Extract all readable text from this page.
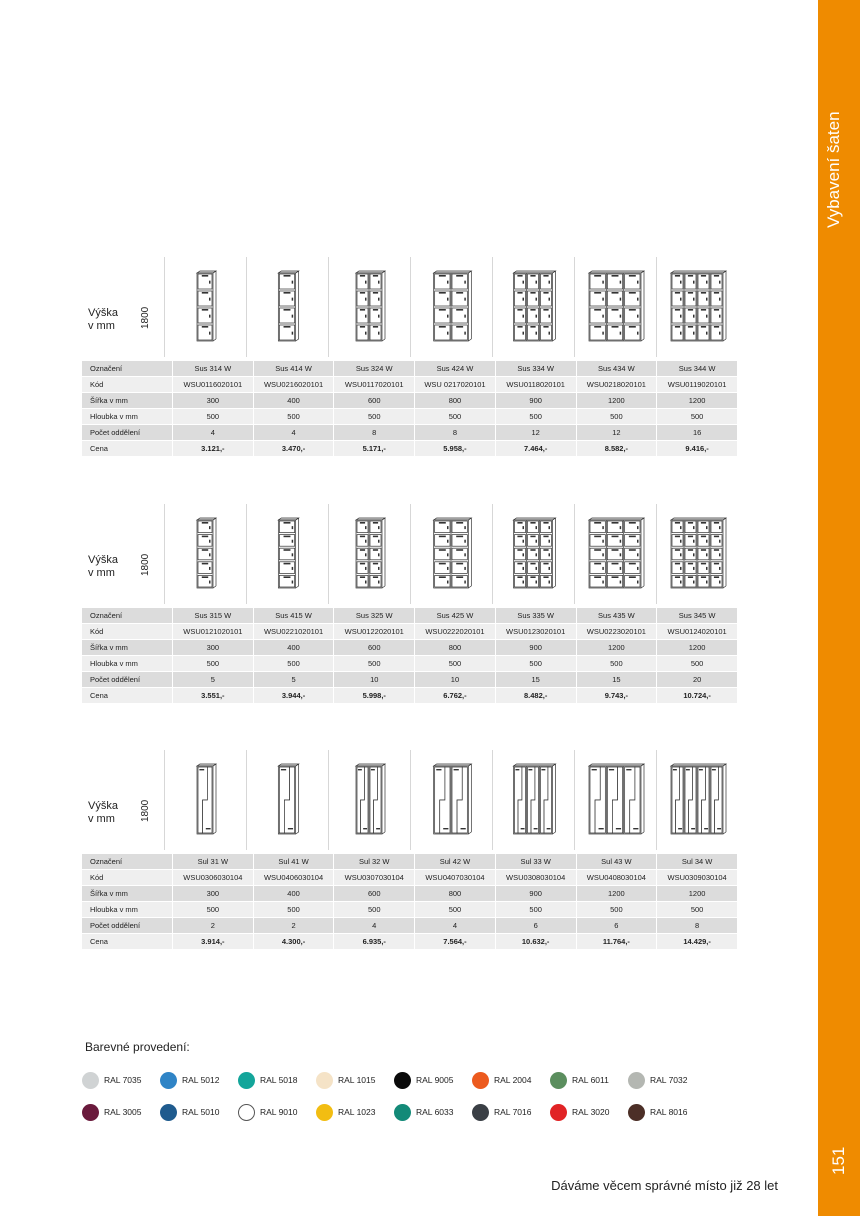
Vybavení šaten
151
Výška
v mm	1800
Označení	Sus 314 W	Sus 414 W	Sus 324 W	Sus 424 W	Sus 334 W	Sus 434 W	Sus 344 W
Kód	WSU0116020101	WSU0216020101	WSU0117020101	WSU 0217020101	WSU0118020101	WSU0218020101	WSU0119020101
Šířka v mm	300	400	600	800	900	1200	1200
Hloubka v mm	500	500	500	500	500	500	500
Počet oddělení	4	4	8	8	12	12	16
Cena	3.121,-	3.470,-	5.171,-	5.958,-	7.464,-	8.582,-	9.416,-
Výška
v mm	1800
Označení	Sus 315 W	Sus 415 W	Sus 325 W	Sus 425 W	Sus 335 W	Sus 435 W	Sus 345 W
Kód	WSU0121020101	WSU0221020101	WSU0122020101	WSU0222020101	WSU0123020101	WSU0223020101	WSU0124020101
Šířka v mm	300	400	600	800	900	1200	1200
Hloubka v mm	500	500	500	500	500	500	500
Počet oddělení	5	5	10	10	15	15	20
Cena	3.551,-	3.944,-	5.998,-	6.762,-	8.482,-	9.743,-	10.724,-
Výška
v mm	1800
Označení	Sul 31 W	Sul 41 W	Sul 32 W	Sul 42 W	Sul 33 W	Sul 43 W	Sul 34 W
Kód	WSU0306030104	WSU0406030104	WSU0307030104	WSU0407030104	WSU0308030104	WSU0408030104	WSU0309030104
Šířka v mm	300	400	600	800	900	1200	1200
Hloubka v mm	500	500	500	500	500	500	500
Počet oddělení	2	2	4	4	6	6	8
Cena	3.914,-	4.300,-	6.935,-	7.564,-	10.632,-	11.764,-	14.429,-
Barevné provedení:
RAL 7035	RAL 5012	RAL 5018	RAL 1015	RAL 9005	RAL 2004	RAL 6011	RAL 7032
RAL 3005	RAL 5010	RAL 9010	RAL 1023	RAL 6033	RAL 7016	RAL 3020	RAL 8016
Dáváme věcem správné místo již 28 let
